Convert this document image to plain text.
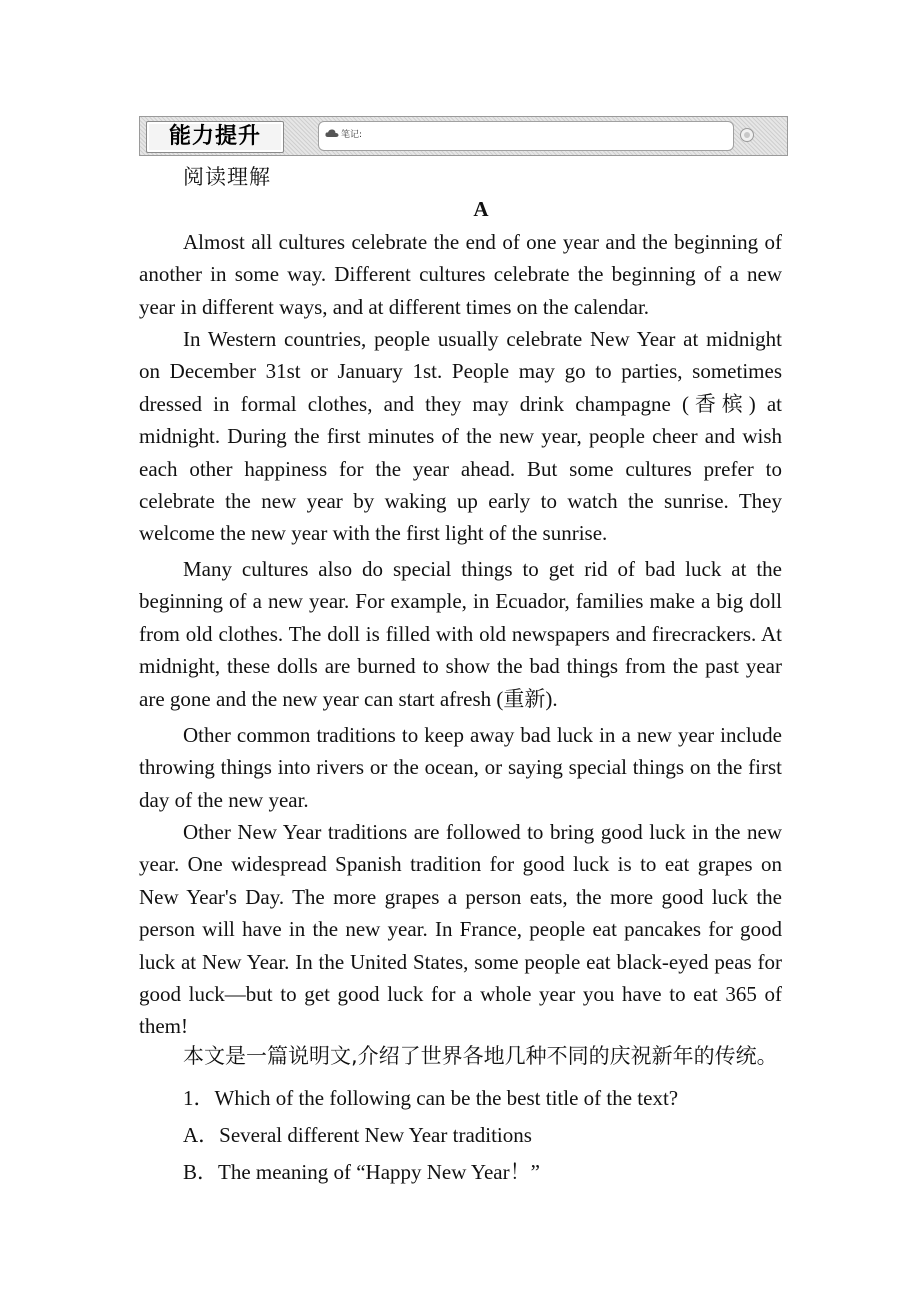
能力提升	笔记:
阅读理解
A

Almost all cultures celebrate the end of one year and the beginning of another in some way. Different cultures celebrate the beginning of a new year in different ways, and at different times on the calendar.

In Western countries, people usually celebrate New Year at midnight on December 31st or January 1st. People may go to parties, sometimes dressed in formal clothes, and they may drink champagne (香槟) at midnight. During the first minutes of the new year, people cheer and wish each other happiness for the year ahead. But some cultures prefer to celebrate the new year by waking up early to watch the sunrise. They welcome the new year with the first light of the sunrise.

Many cultures also do special things to get rid of bad luck at the beginning of a new year. For example, in Ecuador, families make a big doll from old clothes. The doll is filled with old newspapers and firecrackers. At midnight, these dolls are burned to show the bad things from the past year are gone and the new year can start afresh (重新).

Other common traditions to keep away bad luck in a new year include throwing things into rivers or the ocean, or saying special things on the first day of the new year.

Other New Year traditions are followed to bring good luck in the new year. One widespread Spanish tradition for good luck is to eat grapes on New Year's Day. The more grapes a person eats, the more good luck the person will have in the new year. In France, people eat pancakes for good luck at New Year. In the United States, some people eat black-eyed peas for good luck—but to get good luck for a whole year you have to eat 365 of them!

本文是一篇说明文,介绍了世界各地几种不同的庆祝新年的传统。
1．Which of the following can be the best title of the text?
A．Several different New Year traditions
B．The meaning of “Happy New Year！”
